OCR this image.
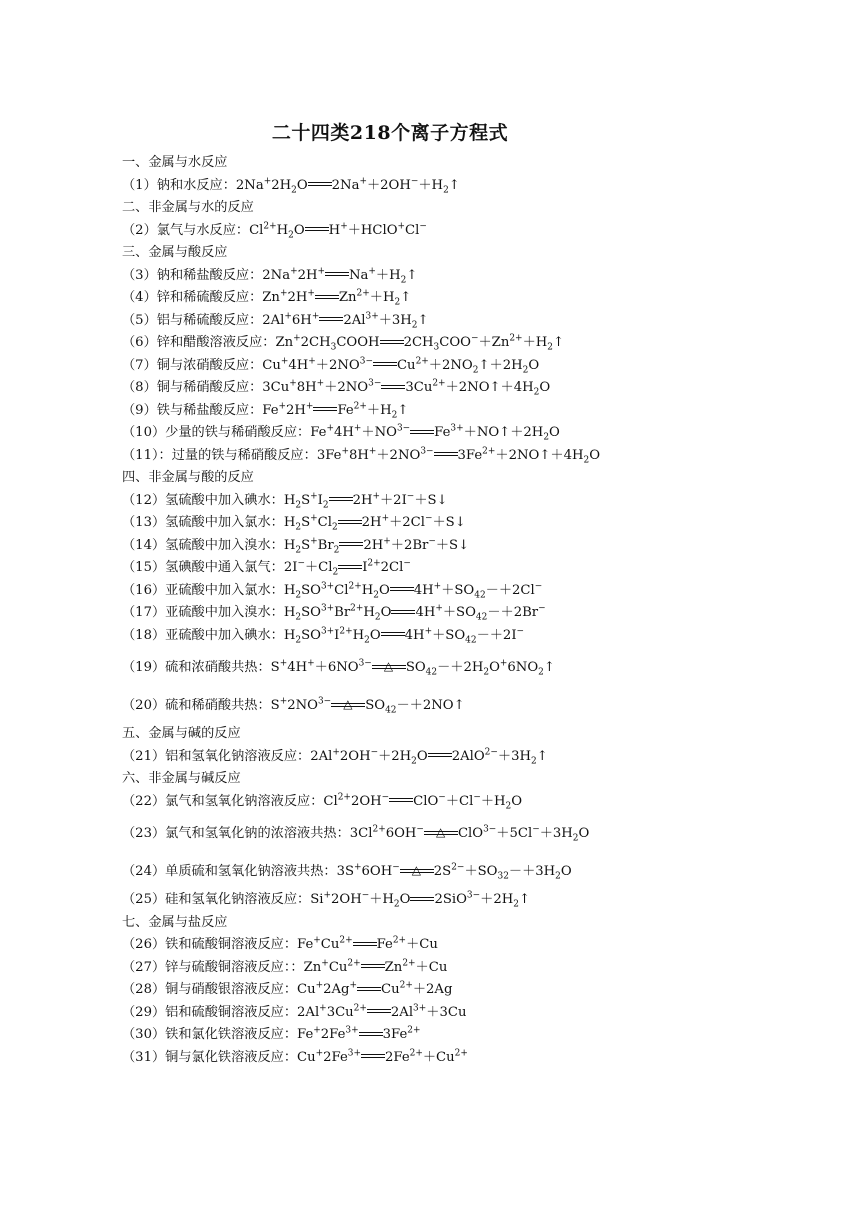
二十四类218个离子方程式
一、金属与水反应
（1）钠和水反应：$2Na^+2H_2O$ $2Na^++2OH^-+H_2↑$
二、非金属与水的反应
（2）氯气与水反应：$Cl^{2+}H_2O$ H+＋HClO+Cl−
三、金属与酸反应
（3）钠和稀盐酸反应：2Na+2H+ $Na^++H_2↑$
（4）锌和稀硫酸反应：Zn+2H+ $Zn^{2+}+H_2↑$
（5）铝与稀硫酸反应：2Al+6H+ $2Al^{3+}+3H_2↑$
（6）锌和醋酸溶液反应：$Zn^+2CH_3COOH$ $2CH_3COO^-+Zn^{2+}+H_2↑$
（7）铜与浓硝酸反应：$Cu^+4H^++2NO^{3-}$ $Cu^{2+}+2NO_2↑+2H_2O$
（8）铜与稀硝酸反应：$3Cu^+8H^++2NO^{3-}$ $3Cu^{2+}+2NO↑+4H_2O$
（9）铁与稀盐酸反应：Fe+2H+ $Fe^{2+}+H_2↑$
（10）少量的铁与稀硝酸反应：$Fe^+4H^++NO^{3-}$ $Fe^{3+}+NO↑+2H_2O$
（11）：过量的铁与稀硝酸反应：$3Fe^+8H^++2NO^{3-}$ $3Fe^{2+}+2NO↑+4H_2O$
四、非金属与酸的反应
（12）氢硫酸中加入碘水：$H_2S^+I_2$ 2H+＋2I−＋S↓
（13）氢硫酸中加入氯水：$H_2S^+Cl_2$ 2H+＋2Cl−＋S↓
（14）氢硫酸中加入溴水：$H_2S^+Br_2$ 2H+＋2Br−＋S↓
（15）氢碘酸中通入氯气：$2I^-+Cl_2$ $I^{2+}2Cl^-$
（16）亚硫酸中加入氯水：$H_2SO^{3+}Cl^{2+}H_2O$ $4H^++SO_{42}-+2Cl^-$
（17）亚硫酸中加入溴水：$H_2SO^{3+}Br^{2+}H_2O$ $4H^++SO_{42}-+2Br^-$
（18）亚硫酸中加入碘水：$H_2SO^{3+}I^{2+}H_2O$ $4H^++SO_{42}-+2I^-$
（19）硫和浓硝酸共热：$S^+4H^++6NO^{3-}$ △ $SO_{42}-+2H_2O^+6NO_2↑$
（20）硫和稀硝酸共热：$S^+2NO^{3-}$ △ $SO_{42}-+2NO↑$
五、金属与碱的反应
（21）铝和氢氧化钠溶液反应：$2Al^+2OH^-+2H_2O$ $2AlO^{2-}+3H_2↑$
六、非金属与碱反应
（22）氯气和氢氧化钠溶液反应：$Cl^{2+}2OH^-$ $ClO^-+Cl^-+H_2O$
（23）氯气和氢氧化钠的浓溶液共热：$3Cl^{2+}6OH^-$ △ $ClO^{3-}+5Cl^-+3H_2O$
（24）单质硫和氢氧化钠溶液共热：3S+6OH− △ $2S^{2-}+SO_{32}-+3H_2O$
（25）硅和氢氧化钠溶液反应：$Si^+2OH^-+H_2O$ $2SiO^{3-}+2H_2↑$
七、金属与盐反应
（26）铁和硫酸铜溶液反应：$Fe^+Cu^{2+}$ $Fe^{2+}+Cu$
（27）锌与硫酸铜溶液反应：：$Zn^+Cu^{2+}$ $Zn^{2+}+Cu$
（28）铜与硝酸银溶液反应：Cu+2Ag+ $Cu^{2+}+2Ag$
（29）铝和硫酸铜溶液反应：$2Al^+3Cu^{2+}$ $2Al^{3+}+3Cu$
（30）铁和氯化铁溶液反应：$Fe^+2Fe^{3+}$ $3Fe^{2+}$
（31）铜与氯化铁溶液反应：$Cu^+2Fe^{3+}$ $2Fe^{2+}+Cu^{2+}$
